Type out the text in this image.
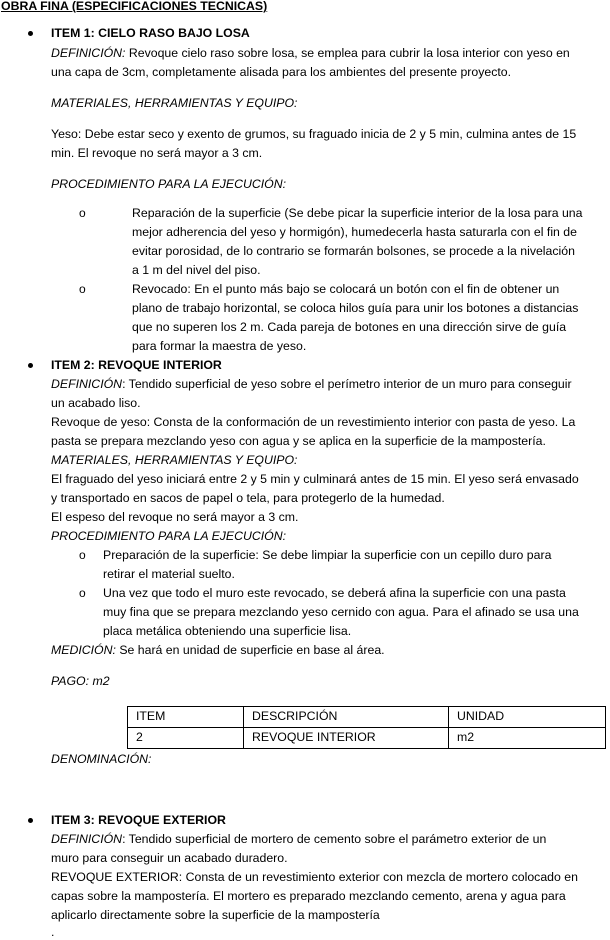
OBRA FINA (ESPECIFICACIONES TECNICAS)
ITEM 1: CIELO RASO BAJO LOSA
DEFINICIÓN: Revoque cielo raso sobre losa, se emplea para cubrir la losa interior con yeso en
una capa de 3cm, completamente alisada para los ambientes del presente proyecto.
MATERIALES, HERRAMIENTAS Y EQUIPO:
Yeso: Debe estar seco y exento de grumos, su fraguado inicia de 2 y 5 min, culmina antes de 15
min. El revoque no será mayor a 3 cm.
PROCEDIMIENTO PARA LA EJECUCIÓN:
o	Reparación de la superficie (Se debe picar la superficie interior de la losa para una
mejor adherencia del yeso y hormigón), humedecerla hasta saturarla con el fin de
evitar porosidad, de lo contrario se formarán bolsones, se procede a la nivelación
a 1 m del nivel del piso.
o	Revocado: En el punto más bajo se colocará un botón con el fin de obtener un
plano de trabajo horizontal, se coloca hilos guía para unir los botones a distancias
que no superen los 2 m. Cada pareja de botones en una dirección sirve de guía
para formar la maestra de yeso.
ITEM 2: REVOQUE INTERIOR
DEFINICIÓN: Tendido superficial de yeso sobre el perímetro interior de un muro para conseguir
un acabado liso.
Revoque de yeso: Consta de la conformación de un revestimiento interior con pasta de yeso. La
pasta se prepara mezclando yeso con agua y se aplica en la superficie de la mampostería.
MATERIALES, HERRAMIENTAS Y EQUIPO:
El fraguado del yeso iniciará entre 2 y 5 min y culminará antes de 15 min. El yeso será envasado
y transportado en sacos de papel o tela, para protegerlo de la humedad.
El espeso del revoque no será mayor a 3 cm.
PROCEDIMIENTO PARA LA EJECUCIÓN:
o Preparación de la superficie: Se debe limpiar la superficie con un cepillo duro para
retirar el material suelto.
o Una vez que todo el muro este revocado, se deberá afina la superficie con una pasta
muy fina que se prepara mezclando yeso cernido con agua. Para el afinado se usa una
placa metálica obteniendo una superficie lisa.
MEDICIÓN: Se hará en unidad de superficie en base al área.
PAGO: m2
ITEM	DESCRIPCIÓN	UNIDAD
2	REVOQUE INTERIOR	m2
DENOMINACIÓN:
ITEM 3: REVOQUE EXTERIOR
DEFINICIÓN: Tendido superficial de mortero de cemento sobre el parámetro exterior de un
muro para conseguir un acabado duradero.
REVOQUE EXTERIOR: Consta de un revestimiento exterior con mezcla de mortero colocado en
capas sobre la mampostería. El mortero es preparado mezclando cemento, arena y agua para
aplicarlo directamente sobre la superficie de la mampostería
.
